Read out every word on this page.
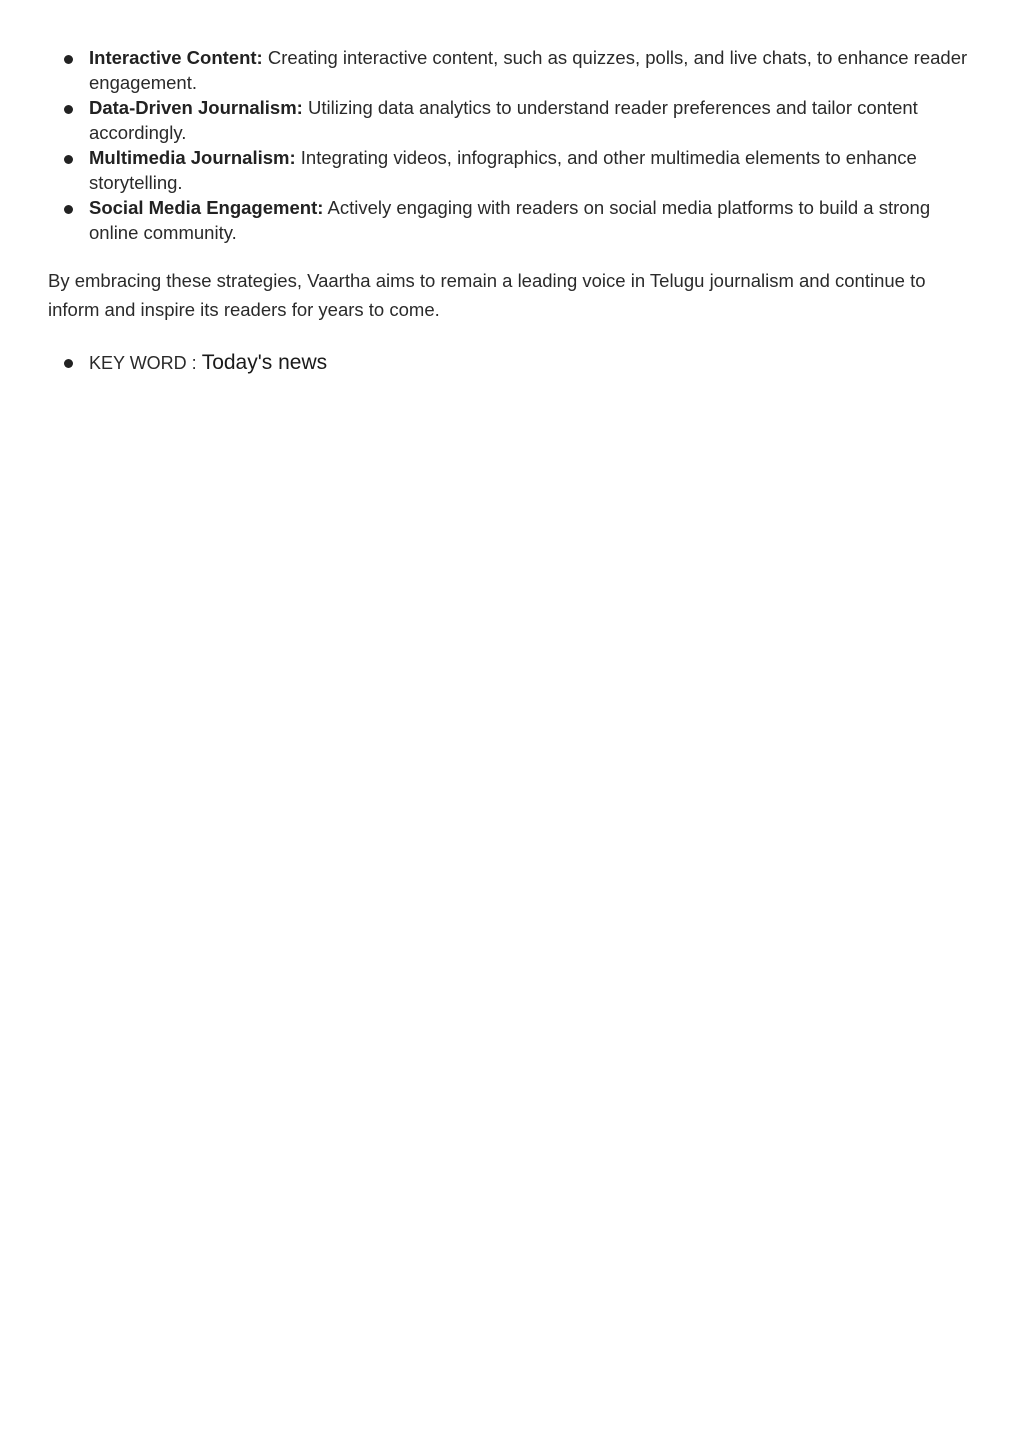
Interactive Content: Creating interactive content, such as quizzes, polls, and live chats, to enhance reader engagement.
Data-Driven Journalism: Utilizing data analytics to understand reader preferences and tailor content accordingly.
Multimedia Journalism: Integrating videos, infographics, and other multimedia elements to enhance storytelling.
Social Media Engagement: Actively engaging with readers on social media platforms to build a strong online community.

By embracing these strategies, Vaartha aims to remain a leading voice in Telugu journalism and continue to inform and inspire its readers for years to come.

KEY WORD : Today's news
